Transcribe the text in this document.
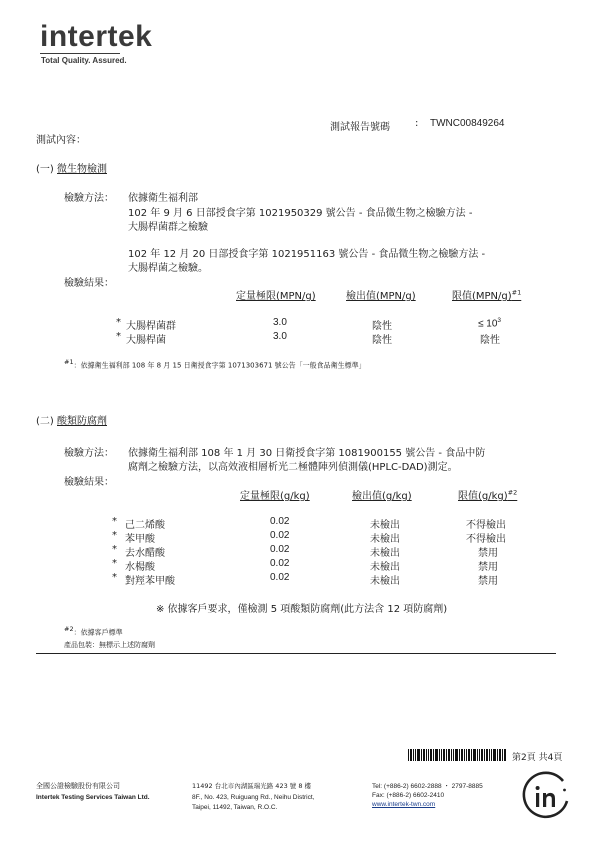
intertek
Total Quality. Assured.
測試報告號碼	: TWNC00849264
測試內容：
(一) 微生物檢測
檢驗方法： 依據衛生福利部
102 年 9 月 6 日部授食字第 1021950329 號公告 - 食品微生物之檢驗方法 -
大腸桿菌群之檢驗
102 年 12 月 20 日部授食字第 1021951163 號公告 - 食品微生物之檢驗方法 -
大腸桿菌之檢驗。
檢驗結果：
定量極限(MPN/g)	檢出值(MPN/g)	限值$(MPN/g)^{\#1}$
* 大腸桿菌群	3.0	陰性	≤ $10^3$
* 大腸桿菌	3.0	陰性	陰性
$^{\#1}$：依據衛生福利部 108 年 8 月 15 日衛授食字第 1071303671 號公告「一般食品衛生標準」
(二) 酸類防腐劑
檢驗方法： 依據衛生福利部 108 年 1 月 30 日衛授食字第 1081900155 號公告 - 食品中防
腐劑之檢驗方法，以高效液相層析光二極體陣列偵測儀(HPLC-DAD)測定。
檢驗結果：
定量極限(g/kg)	檢出值(g/kg)	限值$(g/kg)^{\#2}$
* 己二烯酸	0.02	未檢出	不得檢出
* 苯甲酸	0.02	未檢出	不得檢出
* 去水醋酸	0.02	未檢出	禁用
* 水楊酸	0.02	未檢出	禁用
* 對羥苯甲酸	0.02	未檢出	禁用
※ 依據客戶要求，僅檢測 5 項酸類防腐劑(此方法含 12 項防腐劑)
$^{\#2}$：依據客戶標準
產品包裝：無標示上述防腐劑
第2頁 共4頁
全國公證檢驗股份有限公司
Intertek Testing Services Taiwan Ltd.
11492 台北市內湖區瑞光路 423 號 8 樓
8F., No. 423, Ruiguang Rd., Neihu District,
Taipei, 11492, Taiwan, R.O.C.
Tel: (+886-2) 6602-2888 ・ 2797-8885
Fax: (+886-2) 6602-2410
www.intertek-twn.com
